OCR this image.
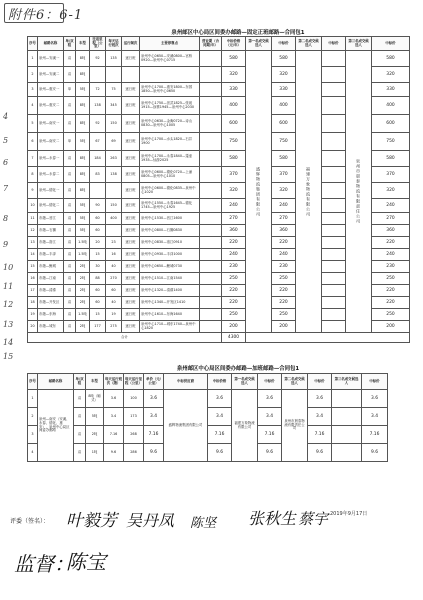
附件6：6-1
4
5
6
7
8
9
10
11
12
13
14
15
泉州邮区中心局区间委办邮路—固定正班邮路—合同包1
序号	邮路名称	单/双程	车型	往返里程（公里）	每天运行班次	运行频次	主要停靠点	营业期（合同期/年）	中标价格（元/年）	第一名成交候选人	中标价	第二名成交候选人	中标价	第三名成交候选人	中标价
1	泉州—安溪一	双	8吨	92	135	逐日班	泉州中心0650—安溪0800—官桥0920—泉州中心0715		580	盛辉物流集团有限公司	580	福建万象物流有限公司		泉州市晨泰物流有限责任公司	580
2	泉州—安溪二	双	8吨						320		320				320
3	泉州—惠安一	单	5吨	72	75	逐日班	泉州中心1700—惠安1800—东园1850—泉州中心0650		330		330				330
4	泉州—惠安二	双	8吨	138	345	逐日班	泉州中心1750—崇武1825—张坂1915—涂寨1945—泉州中心2030		400		400				400
5	泉州—南安一	双	8吨	92	150	逐日班	泉州中心0630—金淘0720—诗山0830—泉州中心1005		600		600				600
6	泉州—南安二	单	5吨	67	69	逐日班	泉州中心1700—水头1820—石井1900		750		750				750
7	泉州—永春一	双	8吨	184	263	逐日班	泉州中心1700—永春1840—蓬壶1935—仙游2025		580		580				580
8	泉州—永春二	双	8吨	83	138	逐日班	泉州中心0600—德化0720—上涌0805—泉州中心1010		370		370				370
9	泉州—德化一	双	8吨			逐日班	泉州中心0600—德化0835—泉州中心1020		320		320				320
10	泉州—德化二	双	5吨	90	150	逐日班	泉州中心1550—永春1645—德化1745—泉州中心1925		240		240				240
11	市趟—晋江	双	5吨	60	400	逐日班	泉州中心1530—晋江1600		270		270				270
12	市趟—石狮	双	5吨	60		逐日班	泉州中心0800—石狮0830		360		360				360
13	市趟—洛江	双	1.5吨	20	23	逐日班	泉州中心0830—洛江0910		220		220				220
14	市趟—丰泽	双	1.5吨	15	16	逐日班	泉州中心0930—丰泽1000		240		240				240
15	市趟—鲤城	双	2吨	30	40	逐日班	泉州中心0650—鲤城0730		230		230				230
16	市趟—江南	双	2吨	88	270	逐日班	泉州中心1510—江南1540		250		250				250
17	市趟—清濛	双	2吨	60	60	逐日班	泉州中心1320—清濛1400		220		220				220
18	市趟—开发区	双	2吨	60	40	逐日班	泉州中心1340—开发区1410		220		220				220
19	市趟—东海	双	1.5吨	15	19	逐日班	泉州中心1610—东海1640		250		250				250
20	市趟—城东	双	2吨	177	275	逐日班	泉州中心1710—城东1740—泉州中心1820		200		200				200
合计									4300						
泉州邮区中心局区间委办邮路—加班邮路—合同包1
序号	邮路名称	单/双程	车型	每天运行班次（趟）	每天运行里程（公里）	单价（元/公里）	中标供应商	中标价格	第一名成交候选人	中标价	第二名成交候选人	中标价	第三名成交候选人	中标价
1	泉州—南安（安溪、永春、德化、惠安），泉州中心局区间委办邮路	双	8吨（厢式）	3.6	100	3.6	盛辉物流集团有限公司	3.6	福建万象物流有限公司	3.6	泉州市晨泰物流有限责任公司	3.6		3.6
2		双	5吨	3.4	173	3.4		3.4		3.4		3.4		3.4
3		双	2吨	7.16	268	7.16		7.16		7.16		7.16		7.16
4		双	1吨	9.6	286	9.6		9.6		9.6		9.6		9.6
评委（签名）： 叶毅芳 吴丹凤 陈坚 张秋生 蔡宇 2019年9月17日
监督：
陈宝
